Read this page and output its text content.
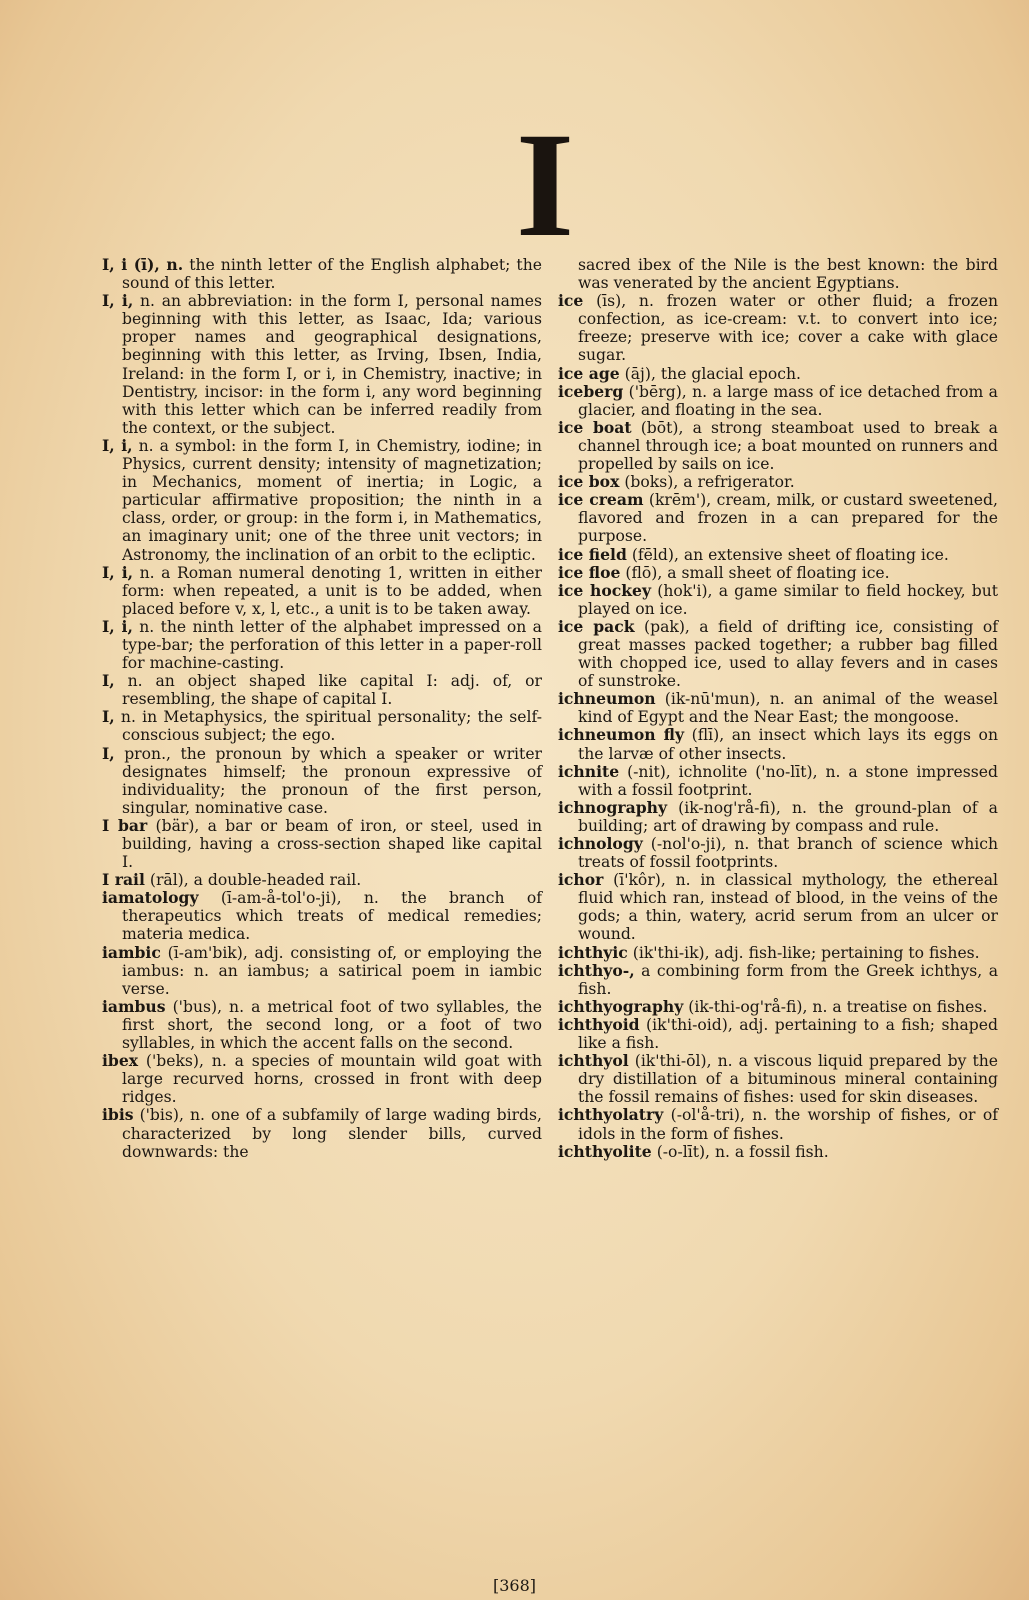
I
I, i (ī), n. the ninth letter of the English alphabet; the sound of this letter.
I, i, n. an abbreviation: in the form I, personal names beginning with this letter, as Isaac, Ida; various proper names and geographical designations, beginning with this letter, as Irving, Ibsen, India, Ireland: in the form I, or i, in Chemistry, inactive; in Dentistry, incisor: in the form i, any word beginning with this letter which can be inferred readily from the context, or the subject.
I, i, n. a symbol: in the form I, in Chemistry, iodine; in Physics, current density; intensity of magnetization; in Mechanics, moment of inertia; in Logic, a particular affirmative proposition; the ninth in a class, order, or group: in the form i, in Mathematics, an imaginary unit; one of the three unit vectors; in Astronomy, the inclination of an orbit to the ecliptic.
I, i, n. a Roman numeral denoting 1, written in either form: when repeated, a unit is to be added, when placed before v, x, l, etc., a unit is to be taken away.
I, i, n. the ninth letter of the alphabet impressed on a type-bar; the perforation of this letter in a paper-roll for machine-casting.
I, n. an object shaped like capital I: adj. of, or resembling, the shape of capital I.
I, n. in Metaphysics, the spiritual personality; the self-conscious subject; the ego.
I, pron., the pronoun by which a speaker or writer designates himself; the pronoun expressive of individuality; the pronoun of the first person, singular, nominative case.
I bar (bär), a bar or beam of iron, or steel, used in building, having a cross-section shaped like capital I.
I rail (rāl), a double-headed rail.
iamatology (ī-am-å-tol'o-ji), n. the branch of therapeutics which treats of medical remedies; materia medica.
iambic (ī-am'bik), adj. consisting of, or employing the iambus: n. an iambus; a satirical poem in iambic verse.
iambus ('bus), n. a metrical foot of two syllables, the first short, the second long, or a foot of two syllables, in which the accent falls on the second.
ibex ('beks), n. a species of mountain wild goat with large recurved horns, crossed in front with deep ridges.
ibis ('bis), n. one of a subfamily of large wading birds, characterized by long slender bills, curved downwards: the
sacred ibex of the Nile is the best known: the bird was venerated by the ancient Egyptians.
ice (īs), n. frozen water or other fluid; a frozen confection, as ice-cream: v.t. to convert into ice; freeze; preserve with ice; cover a cake with glace sugar.
ice age (āj), the glacial epoch.
iceberg ('bērg), n. a large mass of ice detached from a glacier, and floating in the sea.
ice boat (bōt), a strong steamboat used to break a channel through ice; a boat mounted on runners and propelled by sails on ice.
ice box (boks), a refrigerator.
ice cream (krēm'), cream, milk, or custard sweetened, flavored and frozen in a can prepared for the purpose.
ice field (fēld), an extensive sheet of floating ice.
ice floe (flō), a small sheet of floating ice.
ice hockey (hok'i), a game similar to field hockey, but played on ice.
ice pack (pak), a field of drifting ice, consisting of great masses packed together; a rubber bag filled with chopped ice, used to allay fevers and in cases of sunstroke.
ichneumon (ik-nū'mun), n. an animal of the weasel kind of Egypt and the Near East; the mongoose.
ichneumon fly (flī), an insect which lays its eggs on the larvæ of other insects.
ichnite (-nit), ichnolite ('no-līt), n. a stone impressed with a fossil footprint.
ichnography (ik-nog'rå-fi), n. the ground-plan of a building; art of drawing by compass and rule.
ichnology (-nol'o-ji), n. that branch of science which treats of fossil footprints.
ichor (ī'kôr), n. in classical mythology, the ethereal fluid which ran, instead of blood, in the veins of the gods; a thin, watery, acrid serum from an ulcer or wound.
ichthyic (ik'thi-ik), adj. fish-like; pertaining to fishes.
ichthyo-, a combining form from the Greek ichthys, a fish.
ichthyography (ik-thi-og'rå-fi), n. a treatise on fishes.
ichthyoid (ik'thi-oid), adj. pertaining to a fish; shaped like a fish.
ichthyol (ik'thi-ōl), n. a viscous liquid prepared by the dry distillation of a bituminous mineral containing the fossil remains of fishes: used for skin diseases.
ichthyolatry (-ol'å-tri), n. the worship of fishes, or of idols in the form of fishes.
ichthyolite (-o-līt), n. a fossil fish.
[368]
